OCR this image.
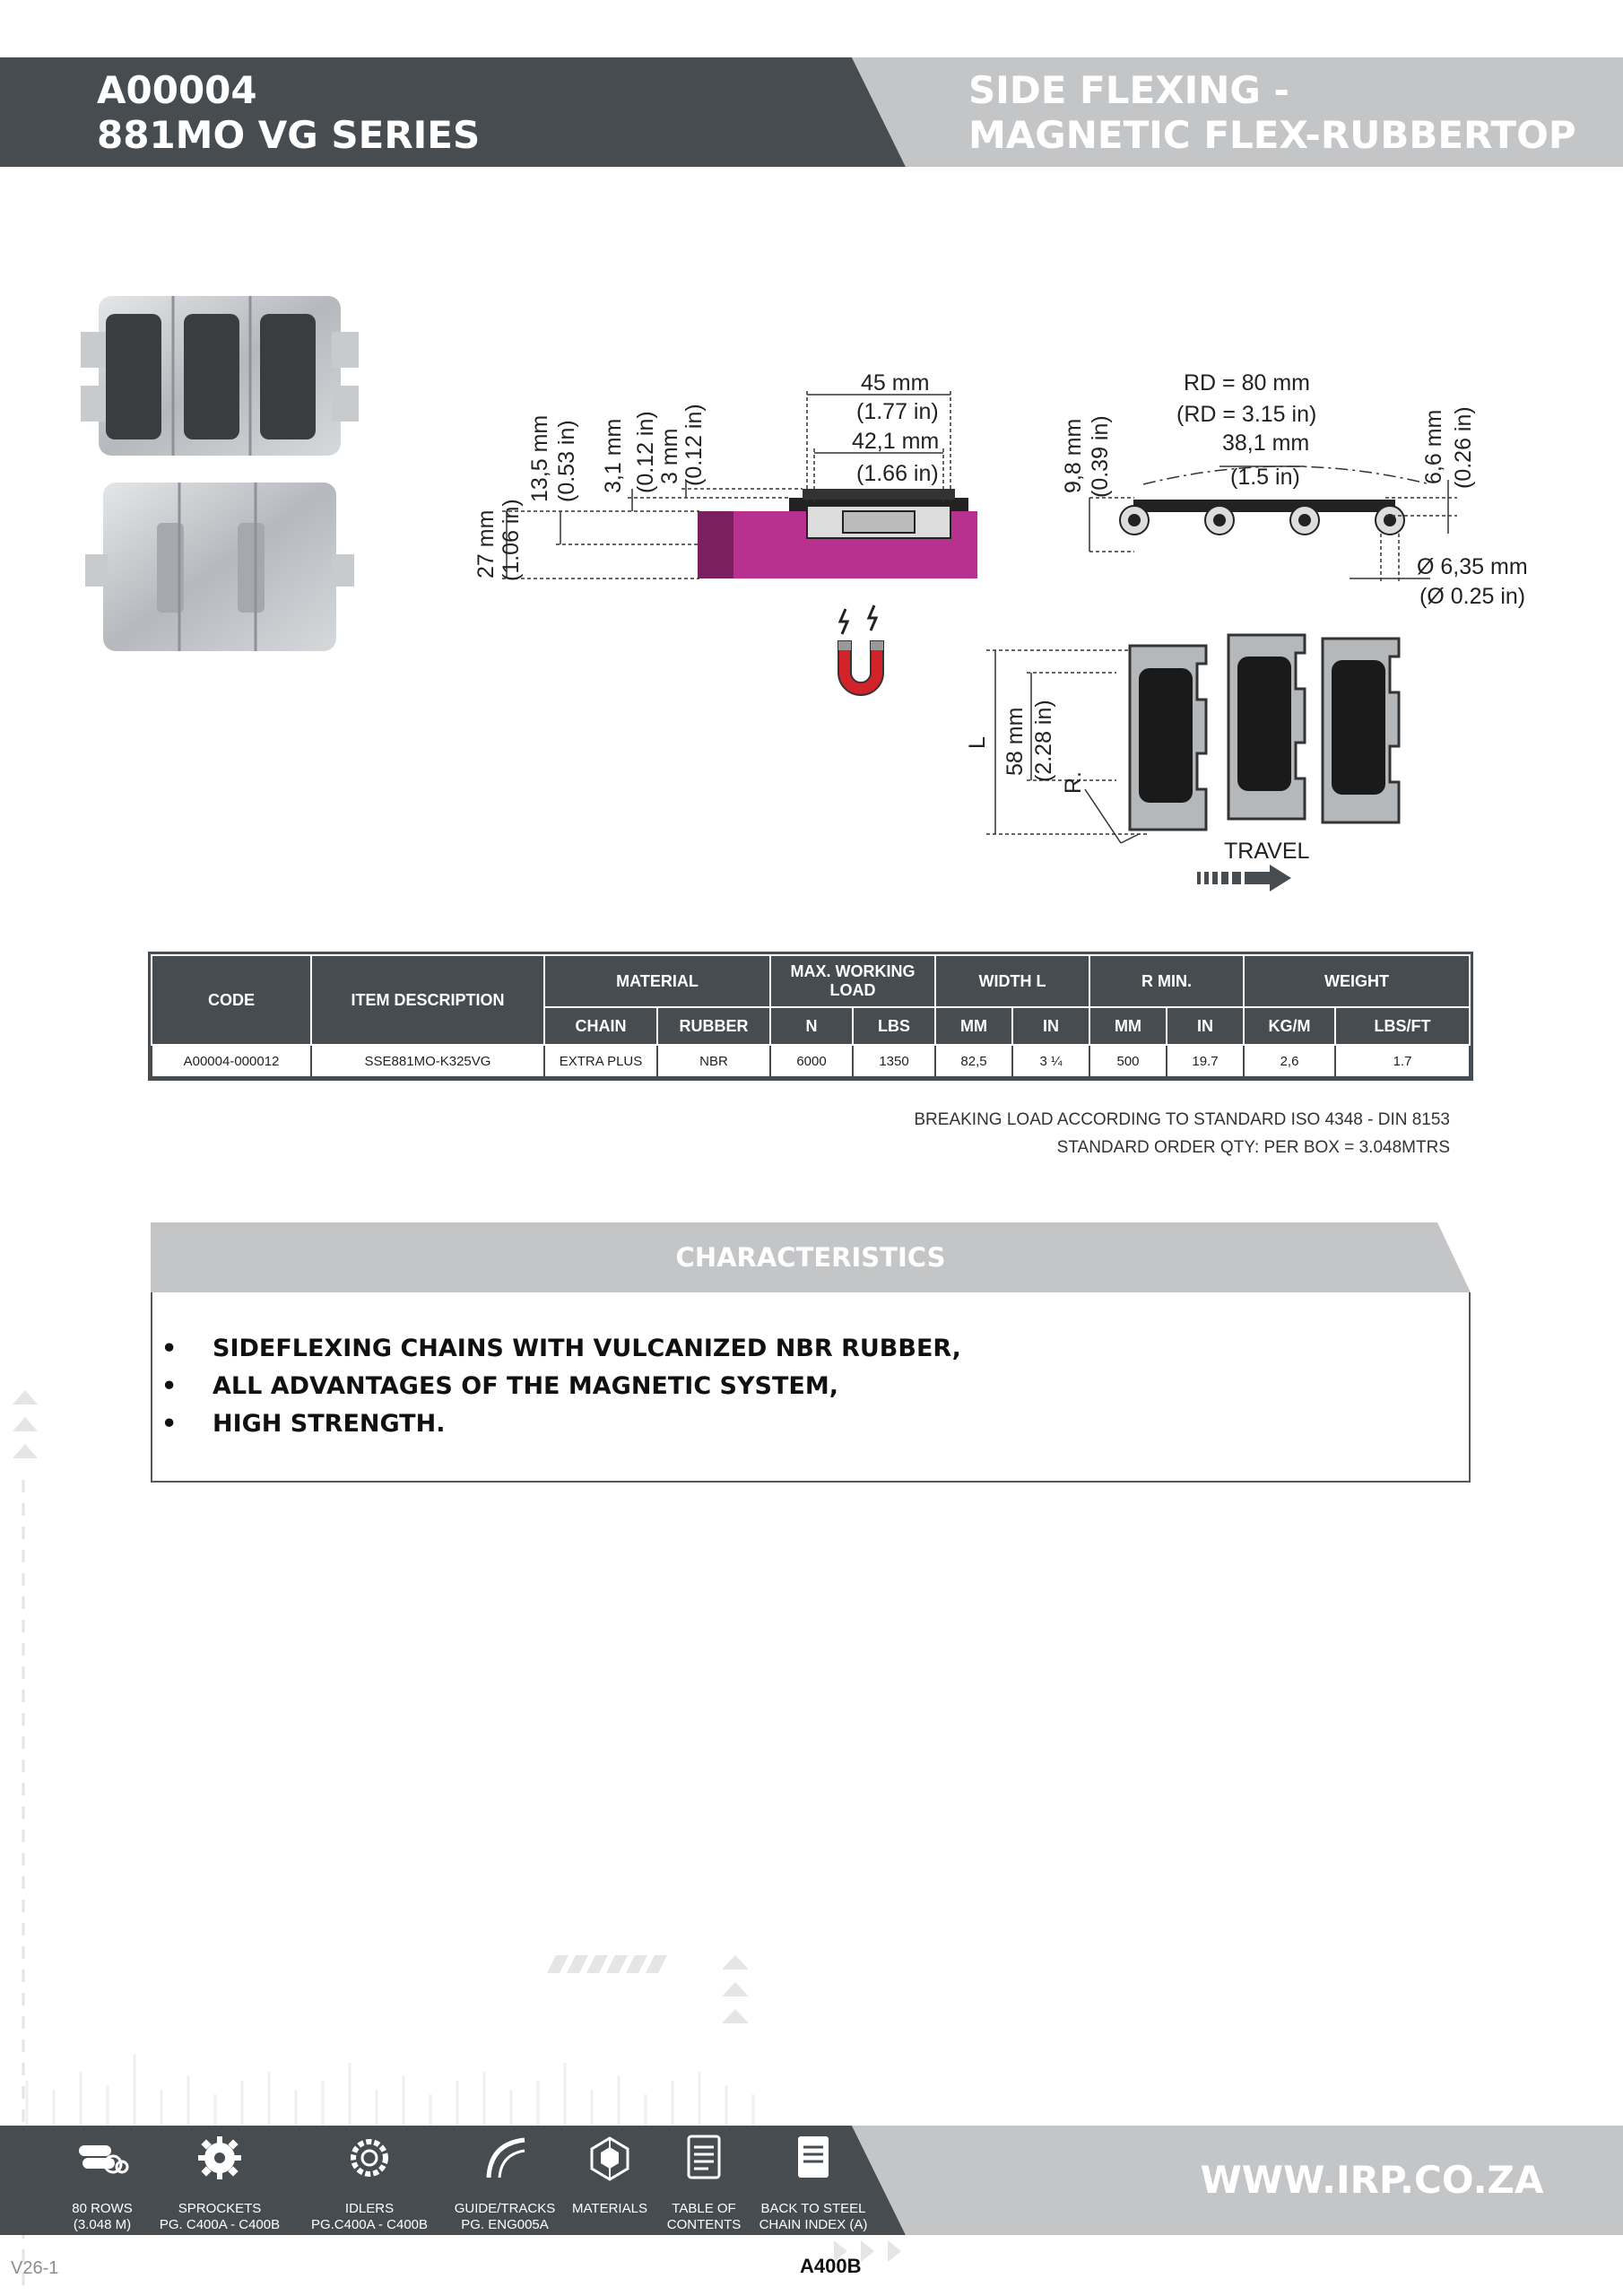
A00004
881MO VG SERIES
SIDE FLEXING -
MAGNETIC FLEX-RUBBERTOP
45 mm
(1.77 in)
42,1 mm
(1.66 in)
27 mm (1.06 in)
13,5 mm (0.53 in) 3,1 mm (0.12 in) 3 mm (0.12 in)
RD = 80 mm
(RD = 3.15 in)
38,1 mm
(1.5 in)
9,8 mm (0.39 in)	6,6 mm (0.26 in)
Ø 6,35 mm
(Ø 0.25 in)
L 58 mm (2.28 in)
R.
TRAVEL
CODE	ITEM DESCRIPTION	MATERIAL		MAX. WORKING LOAD		WIDTH L		R MIN.		WEIGHT	
		CHAIN	RUBBER	N	LBS	MM	IN	MM	IN	KG/M	LBS/FT
A00004-000012	SSE881MO-K325VG	EXTRA PLUS	NBR	6000	1350	82,5	3 ¼	500	19.7	2,6	1.7
BREAKING LOAD ACCORDING TO STANDARD ISO 4348 - DIN 8153
STANDARD ORDER QTY: PER BOX = 3.048MTRS
CHARACTERISTICS
• SIDEFLEXING CHAINS WITH VULCANIZED NBR RUBBER,
• ALL ADVANTAGES OF THE MAGNETIC SYSTEM,
• HIGH STRENGTH.
80 ROWS
(3.048 M)
SPROCKETS
PG. C400A - C400B
IDLERS
PG.C400A - C400B
GUIDE/TRACKS
PG. ENG005A
MATERIALS	TABLE OF
CONTENTS
BACK TO STEEL
CHAIN INDEX (A)
WWW.IRP.CO.ZA
V26-1	A400B
